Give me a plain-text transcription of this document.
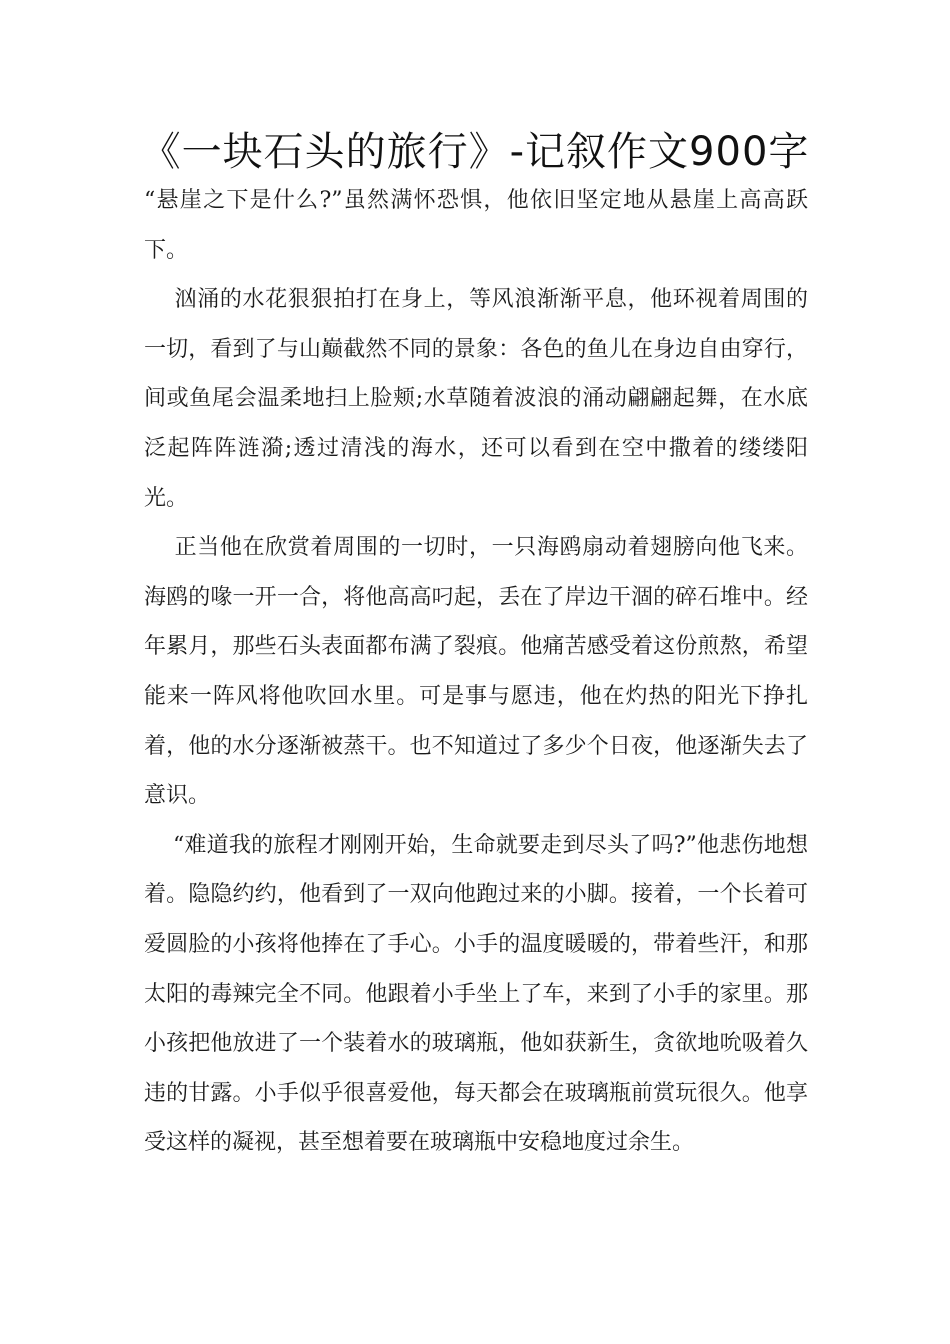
《一块石头的旅行》-记叙作文900字

“悬崖之下是什么?”虽然满怀恐惧，他依旧坚定地从悬崖上高高跃下。

汹涌的水花狠狠拍打在身上，等风浪渐渐平息，他环视着周围的一切，看到了与山巅截然不同的景象：各色的鱼儿在身边自由穿行，间或鱼尾会温柔地扫上脸颊;水草随着波浪的涌动翩翩起舞，在水底泛起阵阵涟漪;透过清浅的海水，还可以看到在空中撒着的缕缕阳光。

正当他在欣赏着周围的一切时，一只海鸥扇动着翅膀向他飞来。海鸥的喙一开一合，将他高高叼起，丢在了岸边干涸的碎石堆中。经年累月，那些石头表面都布满了裂痕。他痛苦感受着这份煎熬，希望能来一阵风将他吹回水里。可是事与愿违，他在灼热的阳光下挣扎着，他的水分逐渐被蒸干。也不知道过了多少个日夜，他逐渐失去了意识。

“难道我的旅程才刚刚开始，生命就要走到尽头了吗?”他悲伤地想着。隐隐约约，他看到了一双向他跑过来的小脚。接着，一个长着可爱圆脸的小孩将他捧在了手心。小手的温度暖暖的，带着些汗，和那太阳的毒辣完全不同。他跟着小手坐上了车，来到了小手的家里。那小孩把他放进了一个装着水的玻璃瓶，他如获新生，贪欲地吮吸着久违的甘露。小手似乎很喜爱他，每天都会在玻璃瓶前赏玩很久。他享受这样的凝视，甚至想着要在玻璃瓶中安稳地度过余生。
